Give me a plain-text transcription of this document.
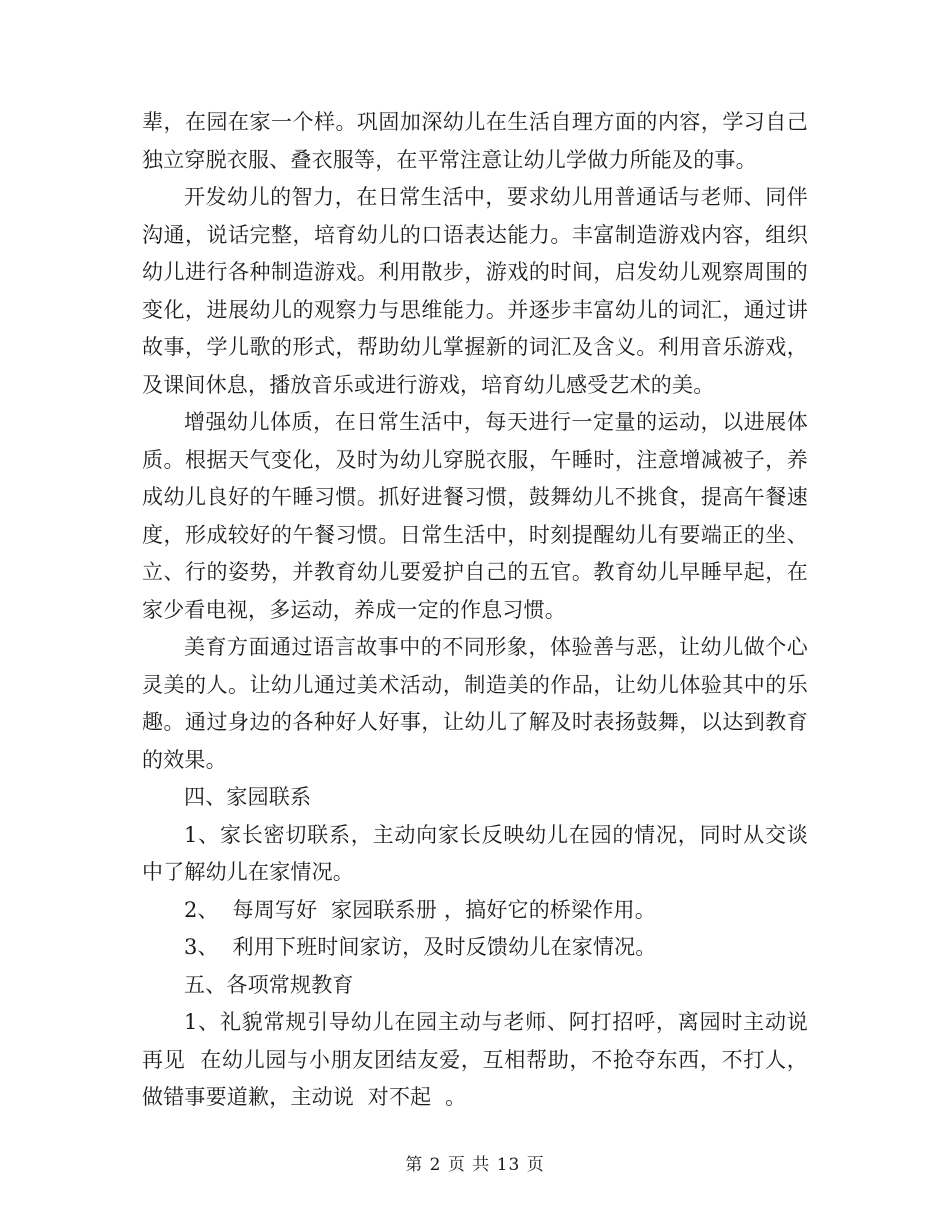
辈，在园在家一个样。巩固加深幼儿在生活自理方面的内容，学习自己独立穿脱衣服、叠衣服等，在平常注意让幼儿学做力所能及的事。

开发幼儿的智力，在日常生活中，要求幼儿用普通话与老师、同伴沟通，说话完整，培育幼儿的口语表达能力。丰富制造游戏内容，组织幼儿进行各种制造游戏。利用散步，游戏的时间，启发幼儿观察周围的变化，进展幼儿的观察力与思维能力。并逐步丰富幼儿的词汇，通过讲故事，学儿歌的形式，帮助幼儿掌握新的词汇及含义。利用音乐游戏，及课间休息，播放音乐或进行游戏，培育幼儿感受艺术的美。

增强幼儿体质，在日常生活中，每天进行一定量的运动，以进展体质。根据天气变化，及时为幼儿穿脱衣服，午睡时，注意增减被子，养成幼儿良好的午睡习惯。抓好进餐习惯，鼓舞幼儿不挑食，提高午餐速度，形成较好的午餐习惯。日常生活中，时刻提醒幼儿有要端正的坐、立、行的姿势，并教育幼儿要爱护自己的五官。教育幼儿早睡早起，在家少看电视，多运动，养成一定的作息习惯。

美育方面通过语言故事中的不同形象，体验善与恶，让幼儿做个心灵美的人。让幼儿通过美术活动，制造美的作品，让幼儿体验其中的乐趣。通过身边的各种好人好事，让幼儿了解及时表扬鼓舞，以达到教育的效果。

四、家园联系

1、家长密切联系，主动向家长反映幼儿在园的情况，同时从交谈中了解幼儿在家情况。

2、  每周写好  家园联系册 ，搞好它的桥梁作用。

3、  利用下班时间家访，及时反馈幼儿在家情况。

五、各项常规教育

1、礼貌常规引导幼儿在园主动与老师、阿打招呼，离园时主动说再见  在幼儿园与小朋友团结友爱，互相帮助，不抢夺东西，不打人，做错事要道歉，主动说  对不起  。

第 2 页 共 13 页
